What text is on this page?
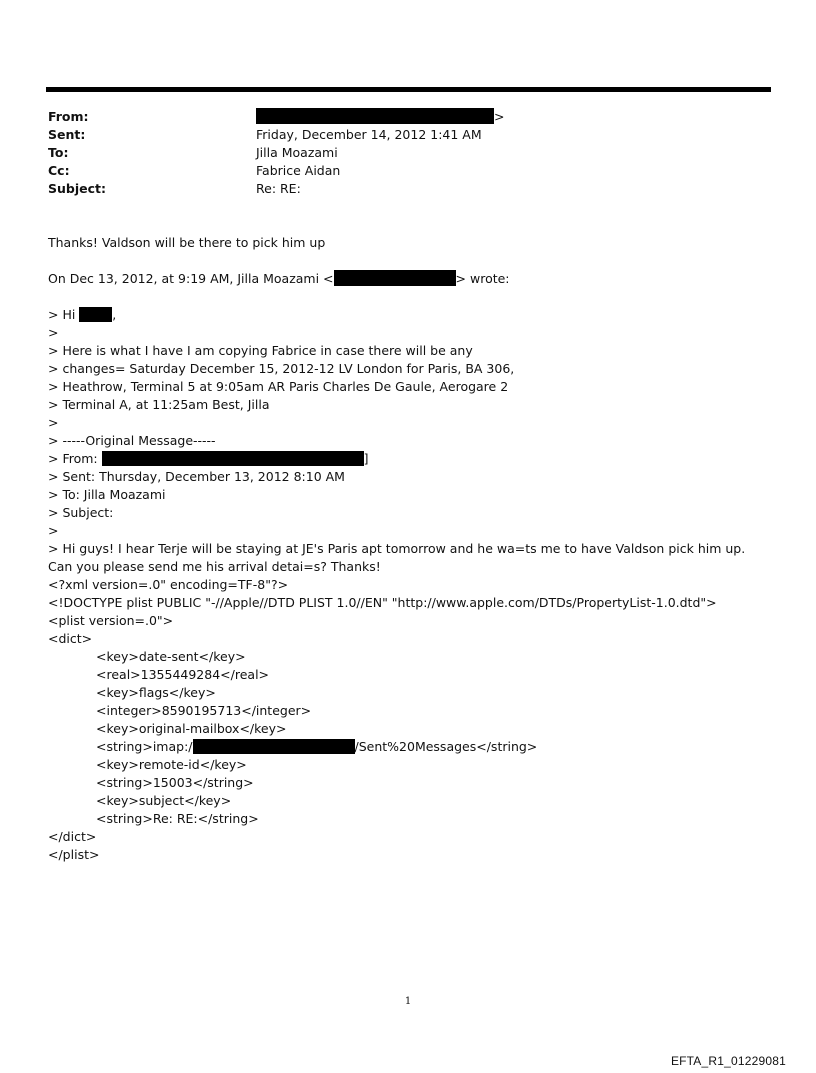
From:	>
Sent:	Friday, December 14, 2012 1:41 AM
To:	Jilla Moazami
Cc:	Fabrice Aidan
Subject:	Re: RE:
Thanks! Valdson will be there to pick him up
On Dec 13, 2012, at 9:19 AM, Jilla Moazami <	> wrote:
> Hi	,
>
> Here is what I have I am copying Fabrice in case there will be any
> changes= Saturday December 15, 2012-12 LV London for Paris, BA 306,
> Heathrow, Terminal 5 at 9:05am AR Paris Charles De Gaule, Aerogare 2
> Terminal A, at 11:25am Best, Jilla
>
> -----Original Message-----
> From:	]
> Sent: Thursday, December 13, 2012 8:10 AM
> To: Jilla Moazami
> Subject:
>
> Hi guys! I hear Terje will be staying at JE's Paris apt tomorrow and he wa=ts me to have Valdson pick him up. Can you please send me his arrival detai=s? Thanks!
<?xml version=.0" encoding=TF-8"?>
<!DOCTYPE plist PUBLIC "-//Apple//DTD PLIST 1.0//EN" "http://www.apple.com/DTDs/PropertyList-1.0.dtd">
<plist version=.0">
<dict>
<key>date-sent</key>
<real>1355449284</real>
<key>flags</key>
<integer>8590195713</integer>
<key>original-mailbox</key>
<string>imap:/	/Sent%20Messages</string>
<key>remote-id</key>
<string>15003</string>
<key>subject</key>
<string>Re: RE:</string>
</dict>
</plist>
1
EFTA_R1_01229081
